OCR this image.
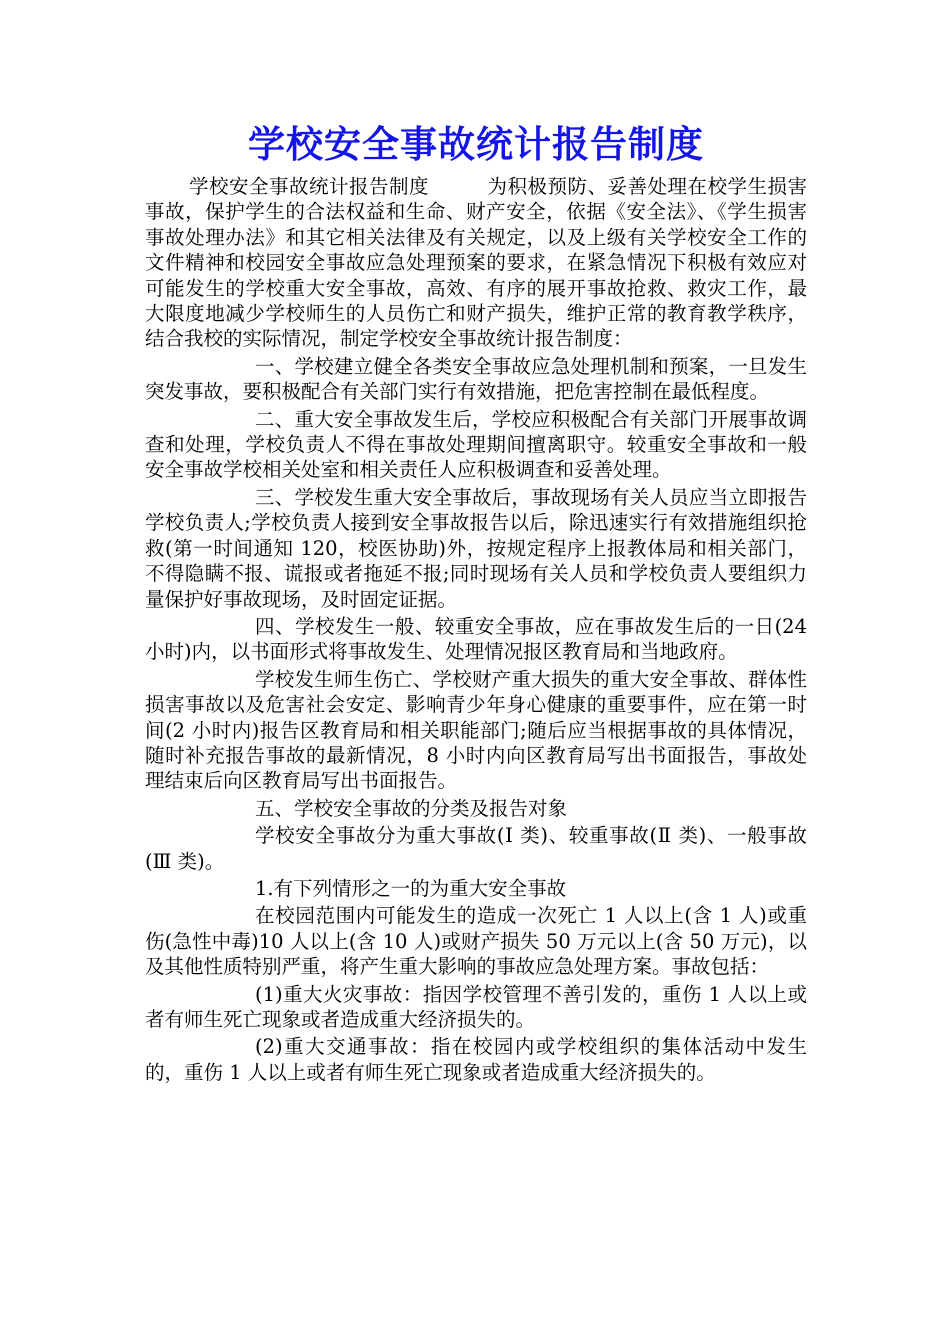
学校安全事故统计报告制度

学校安全事故统计报告制度	为积极预防、妥善处理在校学生损害事故，保护学生的合法权益和生命、财产安全，依据《安全法》、《学生损害事故处理办法》和其它相关法律及有关规定，以及上级有关学校安全工作的文件精神和校园安全事故应急处理预案的要求，在紧急情况下积极有效应对可能发生的学校重大安全事故，高效、有序的展开事故抢救、救灾工作，最大限度地减少学校师生的人员伤亡和财产损失，维护正常的教育教学秩序，结合我校的实际情况，制定学校安全事故统计报告制度：

一、学校建立健全各类安全事故应急处理机制和预案，一旦发生突发事故，要积极配合有关部门实行有效措施，把危害控制在最低程度。

二、重大安全事故发生后，学校应积极配合有关部门开展事故调查和处理，学校负责人不得在事故处理期间擅离职守。较重安全事故和一般安全事故学校相关处室和相关责任人应积极调查和妥善处理。

三、学校发生重大安全事故后，事故现场有关人员应当立即报告学校负责人;学校负责人接到安全事故报告以后，除迅速实行有效措施组织抢救(第一时间通知 120，校医协助)外，按规定程序上报教体局和相关部门，不得隐瞒不报、谎报或者拖延不报;同时现场有关人员和学校负责人要组织力量保护好事故现场，及时固定证据。

四、学校发生一般、较重安全事故，应在事故发生后的一日(24 小时)内，以书面形式将事故发生、处理情况报区教育局和当地政府。

学校发生师生伤亡、学校财产重大损失的重大安全事故、群体性损害事故以及危害社会安定、影响青少年身心健康的重要事件，应在第一时间(2 小时内)报告区教育局和相关职能部门;随后应当根据事故的具体情况，随时补充报告事故的最新情况，8 小时内向区教育局写出书面报告，事故处理结束后向区教育局写出书面报告。

五、学校安全事故的分类及报告对象

学校安全事故分为重大事故(Ⅰ 类)、较重事故(Ⅱ 类)、一般事故(Ⅲ 类)。

1.有下列情形之一的为重大安全事故

在校园范围内可能发生的造成一次死亡 1 人以上(含 1 人)或重伤(急性中毒)10 人以上(含 10 人)或财产损失 50 万元以上(含 50 万元)，以及其他性质特别严重，将产生重大影响的事故应急处理方案。事故包括：

(1)重大火灾事故：指因学校管理不善引发的，重伤 1 人以上或者有师生死亡现象或者造成重大经济损失的。

(2)重大交通事故：指在校园内或学校组织的集体活动中发生的，重伤 1 人以上或者有师生死亡现象或者造成重大经济损失的。
